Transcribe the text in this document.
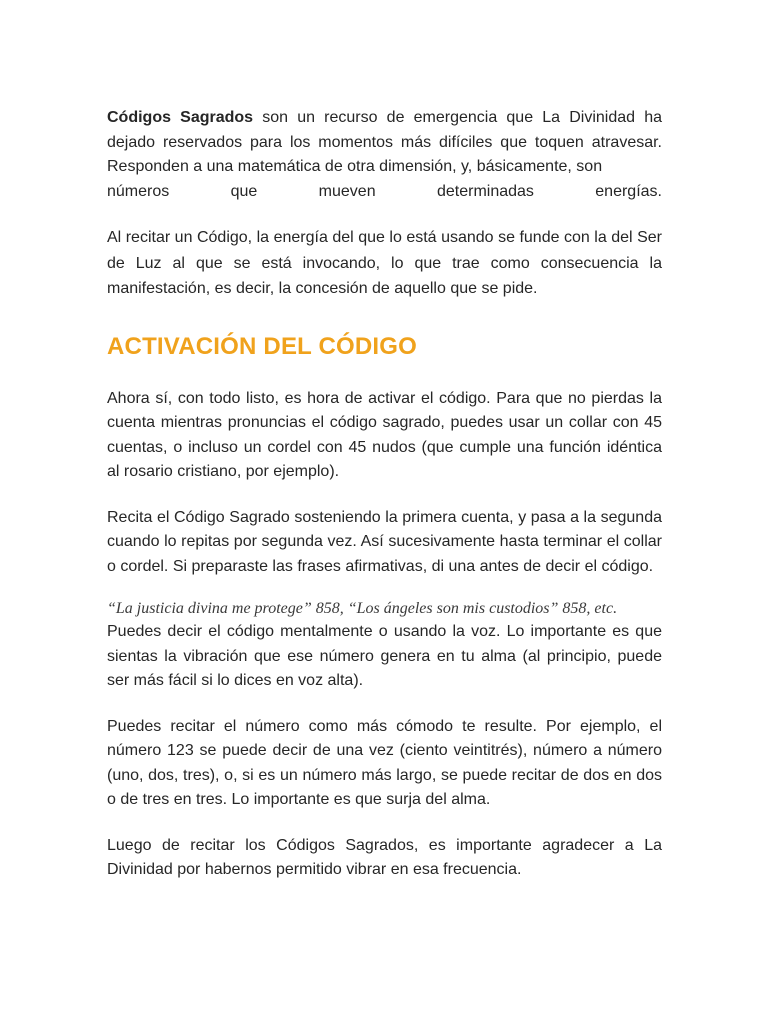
Códigos Sagrados son un recurso de emergencia que La Divinidad ha dejado reservados para los momentos más difíciles que toquen atravesar. Responden a una matemática de otra dimensión, y, básicamente, son
números que mueven determinadas energías.

Al recitar un Código, la energía del que lo está usando se funde con la del Ser de Luz al que se está invocando, lo que trae como consecuencia la manifestación, es decir, la concesión de aquello que se pide.

ACTIVACIÓN DEL CÓDIGO

Ahora sí, con todo listo, es hora de activar el código. Para que no pierdas la cuenta mientras pronuncias el código sagrado, puedes usar un collar con 45 cuentas, o incluso un cordel con 45 nudos (que cumple una función idéntica al rosario cristiano, por ejemplo).

Recita el Código Sagrado sosteniendo la primera cuenta, y pasa a la segunda cuando lo repitas por segunda vez. Así sucesivamente hasta terminar el collar o cordel. Si preparaste las frases afirmativas, di una antes de decir el código.

“La justicia divina me protege” 858, “Los ángeles son mis custodios” 858, etc.
Puedes decir el código mentalmente o usando la voz. Lo importante es que sientas la vibración que ese número genera en tu alma (al principio, puede ser más fácil si lo dices en voz alta).

Puedes recitar el número como más cómodo te resulte. Por ejemplo, el número 123 se puede decir de una vez (ciento veintitrés), número a número (uno, dos, tres), o, si es un número más largo, se puede recitar de dos en dos o de tres en tres. Lo importante es que surja del alma.

Luego de recitar los Códigos Sagrados, es importante agradecer a La Divinidad por habernos permitido vibrar en esa frecuencia.
